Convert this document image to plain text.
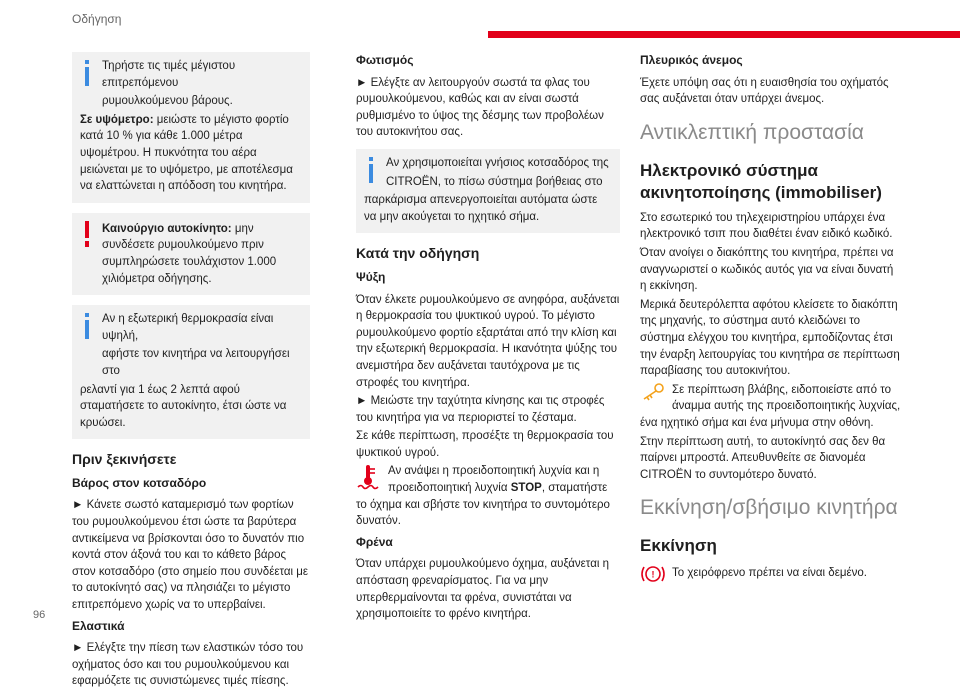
Οδήγηση

Τηρήστε τις τιμές μέγιστου επιτρεπόμενου

ρυμουλκούμενου βάρους.

Σε υψόμετρο: μειώστε το μέγιστο φορτίο κατά 10 % για κάθε 1.000 μέτρα υψομέτρου. Η πυκνότητα του αέρα μειώνεται με το υψόμετρο, με αποτέλεσμα να ελαττώνεται η απόδοση του κινητήρα.

Καινούργιο αυτοκίνητο: μην συνδέσετε ρυμουλκούμενο πριν συμπληρώσετε τουλάχιστον 1.000 χιλιόμετρα οδήγησης.

Αν η εξωτερική θερμοκρασία είναι υψηλή,

αφήστε τον κινητήρα να λειτουργήσει στο

ρελαντί για 1 έως 2 λεπτά αφού σταματήσετε το αυτοκίνητο, έτσι ώστε να κρυώσει.

Πριν ξεκινήσετε
Βάρος στον κοτσαδόρο

► Κάνετε σωστό καταμερισμό των φορτίων του ρυμουλκούμενου έτσι ώστε τα βαρύτερα αντικείμενα να βρίσκονται όσο το δυνατόν πιο κοντά στον άξονά του και το κάθετο βάρος στον κοτσαδόρο (στο σημείο που συνδέεται με το αυτοκίνητό σας) να πλησιάζει το μέγιστο επιτρεπόμενο χωρίς να το υπερβαίνει.

Ελαστικά

► Ελέγξτε την πίεση των ελαστικών τόσο του οχήματος όσο και του ρυμουλκούμενου και εφαρμόζετε τις συνιστώμενες τιμές πίεσης.

Φωτισμός

► Ελέγξτε αν λειτουργούν σωστά τα φλας του ρυμουλκούμενου, καθώς και αν είναι σωστά ρυθμισμένο το ύψος της δέσμης των προβολέων του αυτοκινήτου σας.

Αν χρησιμοποιείται γνήσιος κοτσαδόρος της

CITROËN, το πίσω σύστημα βοήθειας στο

παρκάρισμα απενεργοποιείται αυτόματα ώστε να μην ακούγεται το ηχητικό σήμα.

Κατά την οδήγηση
Ψύξη

Όταν έλκετε ρυμουλκούμενο σε ανηφόρα, αυξάνεται η θερμοκρασία του ψυκτικού υγρού. Το μέγιστο ρυμουλκούμενο φορτίο εξαρτάται από την κλίση και την εξωτερική θερμοκρασία. Η ικανότητα ψύξης του ανεμιστήρα δεν αυξάνεται ταυτόχρονα με τις στροφές του κινητήρα.

► Μειώστε την ταχύτητα κίνησης και τις στροφές του κινητήρα για να περιοριστεί το ζέσταμα.

Σε κάθε περίπτωση, προσέξτε τη θερμοκρασία του ψυκτικού υγρού.

Αν ανάψει η προειδοποιητική λυχνία και η προειδοποιητική λυχνία STOP, σταματήστε το όχημα και σβήστε τον κινητήρα το συντομότερο δυνατόν.

Φρένα

Όταν υπάρχει ρυμουλκούμενο όχημα, αυξάνεται η απόσταση φρεναρίσματος. Για να μην υπερθερμαίνονται τα φρένα, συνιστάται να χρησιμοποιείτε το φρένο κινητήρα.

Πλευρικός άνεμος

Έχετε υπόψη σας ότι η ευαισθησία του οχήματός σας αυξάνεται όταν υπάρχει άνεμος.

Αντικλεπτική προστασία
Ηλεκτρονικό σύστημα ακινητοποίησης (immobiliser)

Στο εσωτερικό του τηλεχειριστηρίου υπάρχει ένα ηλεκτρονικό τσιπ που διαθέτει έναν ειδικό κωδικό.

Όταν ανοίγει ο διακόπτης του κινητήρα, πρέπει να αναγνωριστεί ο κωδικός αυτός για να είναι δυνατή η εκκίνηση.

Μερικά δευτερόλεπτα αφότου κλείσετε το διακόπτη της μηχανής, το σύστημα αυτό κλειδώνει το σύστημα ελέγχου του κινητήρα, εμποδίζοντας έτσι την έναρξη λειτουργίας του κινητήρα σε περίπτωση παραβίασης του αυτοκινήτου.

Σε περίπτωση βλάβης, ειδοποιείστε από το άναμμα αυτής της προειδοποιητικής λυχνίας, ένα ηχητικό σήμα και ένα μήνυμα στην οθόνη.

Στην περίπτωση αυτή, το αυτοκίνητό σας δεν θα παίρνει μπροστά. Απευθυνθείτε σε διανομέα CITROËN το συντομότερο δυνατό.

Εκκίνηση/σβήσιμο κινητήρα
Εκκίνηση
!	Το χειρόφρενο πρέπει να είναι δεμένο.

96
